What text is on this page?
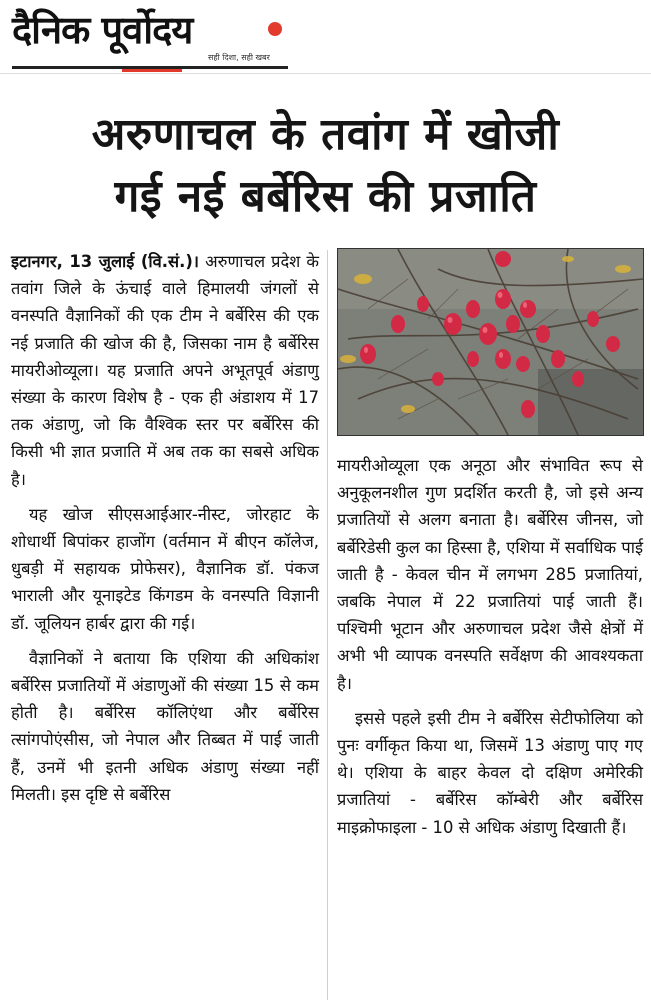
दैनिक पूर्वोदय
सही दिशा, सही खबर
अरुणाचल के तवांग में खोजी
गई नई बर्बेरिस की प्रजाति

इटानगर, 13 जुलाई (वि.सं.)। अरुणाचल प्रदेश के तवांग जिले के ऊंचाई वाले हिमालयी जंगलों से वनस्पति वैज्ञानिकों की एक टीम ने बर्बेरिस की एक नई प्रजाति की खोज की है, जिसका नाम है बर्बेरिस मायरीओव्यूला। यह प्रजाति अपने अभूतपूर्व अंडाणु संख्या के कारण विशेष है - एक ही अंडाशय में 17 तक अंडाणु, जो कि वैश्विक स्तर पर बर्बेरिस की किसी भी ज्ञात प्रजाति में अब तक का सबसे अधिक है।

यह खोज सीएसआईआर-नीस्ट, जोरहाट के शोधार्थी बिपांकर हाजोंग (वर्तमान में बीएन कॉलेज, धुबड़ी में सहायक प्रोफेसर), वैज्ञानिक डॉ. पंकज भाराली और यूनाइटेड किंगडम के वनस्पति विज्ञानी डॉ. जूलियन हार्बर द्वारा की गई।

वैज्ञानिकों ने बताया कि एशिया की अधिकांश बर्बेरिस प्रजातियों में अंडाणुओं की संख्या 15 से कम होती है। बर्बेरिस कॉलिएंथा और बर्बेरिस त्सांगपोएंसीस, जो नेपाल और तिब्बत में पाई जाती हैं, उनमें भी इतनी अधिक अंडाणु संख्या नहीं मिलती। इस दृष्टि से बर्बेरिस

मायरीओव्यूला एक अनूठा और संभावित रूप से अनुकूलनशील गुण प्रदर्शित करती है, जो इसे अन्य प्रजातियों से अलग बनाता है। बर्बेरिस जीनस, जो बर्बेरिडेसी कुल का हिस्सा है, एशिया में सर्वाधिक पाई जाती है - केवल चीन में लगभग 285 प्रजातियां, जबकि नेपाल में 22 प्रजातियां पाई जाती हैं। पश्चिमी भूटान और अरुणाचल प्रदेश जैसे क्षेत्रों में अभी भी व्यापक वनस्पति सर्वेक्षण की आवश्यकता है।

इससे पहले इसी टीम ने बर्बेरिस सेटीफोलिया को पुनः वर्गीकृत किया था, जिसमें 13 अंडाणु पाए गए थे। एशिया के बाहर केवल दो दक्षिण अमेरिकी प्रजातियां - बर्बेरिस कॉम्बेरी और बर्बेरिस माइक्रोफाइला - 10 से अधिक अंडाणु दिखाती हैं।
